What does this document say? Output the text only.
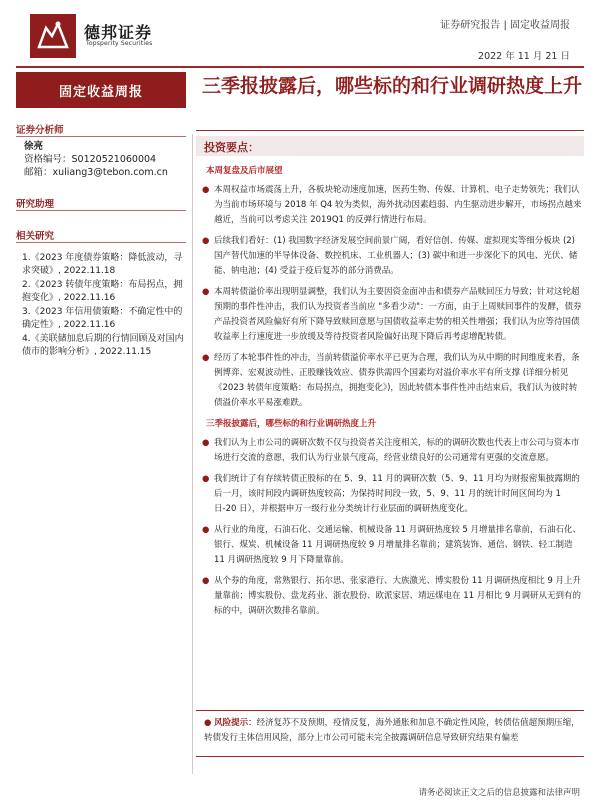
德邦证券
Topsperity Securities
证券研究报告 | 固定收益周报
2022 年 11 月 21 日
固定收益周报	三季报披露后，哪些标的和行业调研热度上升
证券分析师
徐亮
资格编号：S0120521060004
邮箱：xuliang3@tebon.com.cn
研究助理
相关研究
1.《2023 年度债券策略：降低波动，寻求突破》, 2022.11.18
2.《2023 转债年度策略：布局拐点，拥抱变化》, 2022.11.16
3.《2023 年信用债策略：不确定性中的确定性》, 2022.11.16
4.《美联储加息后期的行情回顾及对国内债市的影响分析》, 2022.11.15
投资要点：
本周复盘及后市展望
● 本周权益市场震荡上升，各板块轮动速度加速，医药生物、传媒、计算机、电子走势领先；我们认为当前市场环境与 2018 年 Q4 较为类似，海外扰动因素趋弱、内生驱动进步解开，市场拐点越来越近，当前可以考虑关注 2019Q1 的反弹行情进行布局。
● 后续我们看好：(1) 我国数字经济发展空间前景广阔，看好信创、传媒、虚拟现实等细分板块 (2) 国产替代加速的半导体设备、数控机床、工业机器人；(3) 碳中和进一步深化下的风电、光伏、储能、钠电池；(4) 受益于疫后复苏的部分消费品。
● 本周转债溢价率出现明显调整，我们认为主要因资金面冲击和债券产品赎回压力导致；针对这轮超预期的事件性冲击，我们认为投资者当前应 "多看少动"：一方面，由于上周赎回事件的发酵，债券产品投资者风险偏好有所下降导致赎回意愿与国债收益率走势的相关性增强；我们认为应等待国债收益率上行速度进一步放缓及等待投资者风险偏好出现下降后再考虑增配转债。
● 经历了本轮事件性的冲击，当前转债溢价率水平已更为合理，我们认为从中期的时间维度来看，条例博弈、宏观波动性、正股赚钱效应、债券供需四个国素均对溢价率水平有所支撑 (详细分析见《2023 转债年度策略：布局拐点，拥抱变化》)，因此转债本事件性冲击结束后，我们认为彼时转债溢价率水平易涨难跌。
三季报披露后，哪些标的和行业调研热度上升
● 我们认为上市公司的调研次数不仅与投资者关注度相关，标的的调研次数也代表上市公司与资本市场进行交流的意愿，我们认为行业景气度高，经营业绩良好的公司通常有更强的交流意愿。
● 我们统计了有存续转债正股标的在 5、9、11 月的调研次数（5、9、11 月均为财报密集披露期的后一月，该时间段内调研热度较高；为保持时间段一致，5、9、11 月的统计时间区间均为 1 日-20 日），并根据申万一级行业分类统计行业层面的调研热度变化。
● 从行业的角度，石油石化、交通运输、机械设备 11 月调研热度较 5 月增量排名靠前，石油石化、银行、煤炭、机械设备 11 月调研热度较 9 月增量排名靠前；建筑装饰、通信、钢铁、轻工制造 11 月调研热度较 9 月下降量靠前。
● 从个券的角度，常熟银行、拓尔思、张家港行、大族激光、博实股份 11 月调研热度相比 9 月上升量靠前；博实股份、盘龙药业、浙农股份、欧派家居、靖远煤电在 11 月相比 9 月调研从无到有的标的中，调研次数排名靠前。
● 风险提示：经济复苏不及预期，疫情反复，海外通胀和加息不确定性风险，转债估值超预期压缩，转债发行主体信用风险，部分上市公司可能未完全披露调研信息导致研究结果有偏差
请务必阅读正文之后的信息披露和法律声明
